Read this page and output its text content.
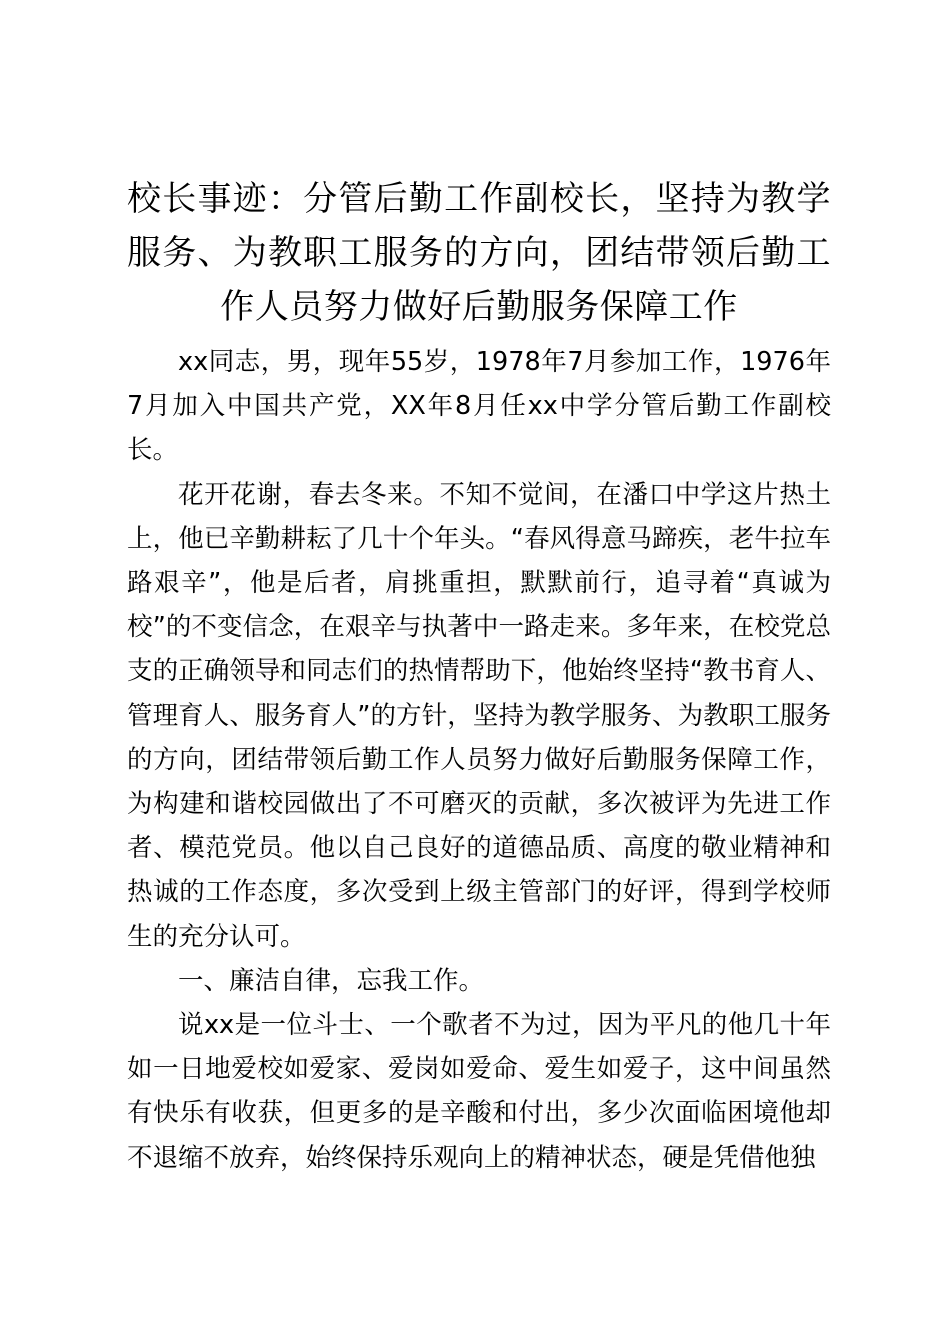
校长事迹：分管后勤工作副校长，坚持为教学服务、为教职工服务的方向，团结带领后勤工作人员努力做好后勤服务保障工作

xx同志，男，现年55岁，1978年7月参加工作，1976年7月加入中国共产党，XX年8月任xx中学分管后勤工作副校长。

花开花谢，春去冬来。不知不觉间，在潘口中学这片热土上，他已辛勤耕耘了几十个年头。“春风得意马蹄疾，老牛拉车路艰辛”，他是后者，肩挑重担，默默前行，追寻着“真诚为校”的不变信念，在艰辛与执著中一路走来。多年来，在校党总支的正确领导和同志们的热情帮助下，他始终坚持“教书育人、管理育人、服务育人”的方针，坚持为教学服务、为教职工服务的方向，团结带领后勤工作人员努力做好后勤服务保障工作，为构建和谐校园做出了不可磨灭的贡献，多次被评为先进工作者、模范党员。他以自己良好的道德品质、高度的敬业精神和热诚的工作态度，多次受到上级主管部门的好评，得到学校师生的充分认可。

一、廉洁自律，忘我工作。

说xx是一位斗士、一个歌者不为过，因为平凡的他几十年如一日地爱校如爱家、爱岗如爱命、爱生如爱子，这中间虽然有快乐有收获，但更多的是辛酸和付出，多少次面临困境他却不退缩不放弃，始终保持乐观向上的精神状态，硬是凭借他独
